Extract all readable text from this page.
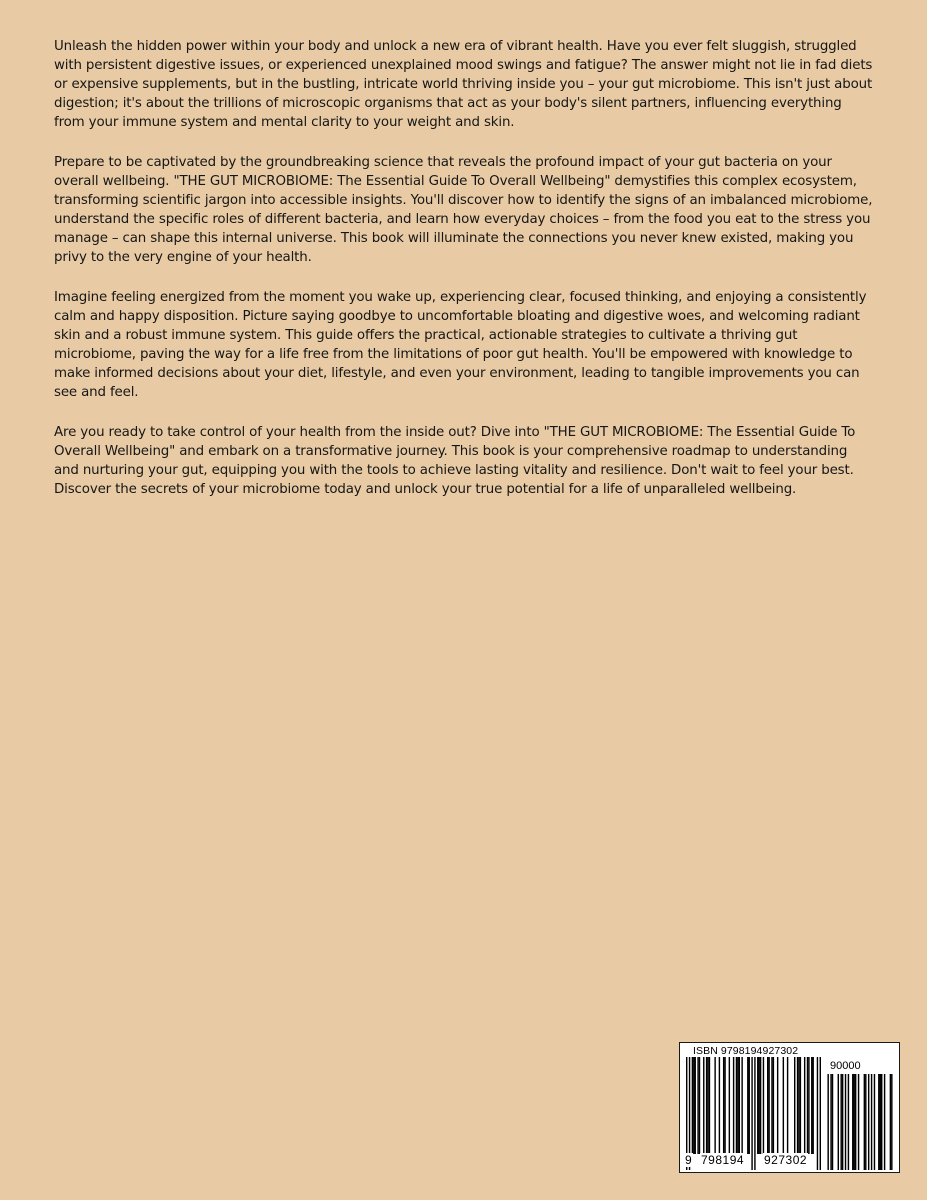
Unleash the hidden power within your body and unlock a new era of vibrant health. Have you ever felt sluggish, struggled with persistent digestive issues, or experienced unexplained mood swings and fatigue? The answer might not lie in fad diets or expensive supplements, but in the bustling, intricate world thriving inside you – your gut microbiome. This isn't just about digestion; it's about the trillions of microscopic organisms that act as your body's silent partners, influencing everything from your immune system and mental clarity to your weight and skin.

Prepare to be captivated by the groundbreaking science that reveals the profound impact of your gut bacteria on your overall wellbeing. "THE GUT MICROBIOME: The Essential Guide To Overall Wellbeing" demystifies this complex ecosystem, transforming scientific jargon into accessible insights. You'll discover how to identify the signs of an imbalanced microbiome, understand the specific roles of different bacteria, and learn how everyday choices – from the food you eat to the stress you manage – can shape this internal universe. This book will illuminate the connections you never knew existed, making you privy to the very engine of your health.

Imagine feeling energized from the moment you wake up, experiencing clear, focused thinking, and enjoying a consistently calm and happy disposition. Picture saying goodbye to uncomfortable bloating and digestive woes, and welcoming radiant skin and a robust immune system. This guide offers the practical, actionable strategies to cultivate a thriving gut microbiome, paving the way for a life free from the limitations of poor gut health. You'll be empowered with knowledge to make informed decisions about your diet, lifestyle, and even your environment, leading to tangible improvements you can see and feel.

Are you ready to take control of your health from the inside out? Dive into "THE GUT MICROBIOME: The Essential Guide To Overall Wellbeing" and embark on a transformative journey. This book is your comprehensive roadmap to understanding and nurturing your gut, equipping you with the tools to achieve lasting vitality and resilience. Don't wait to feel your best. Discover the secrets of your microbiome today and unlock your true potential for a life of unparalleled wellbeing.

ISBN 9798194927302
90000
9 798194 927302
